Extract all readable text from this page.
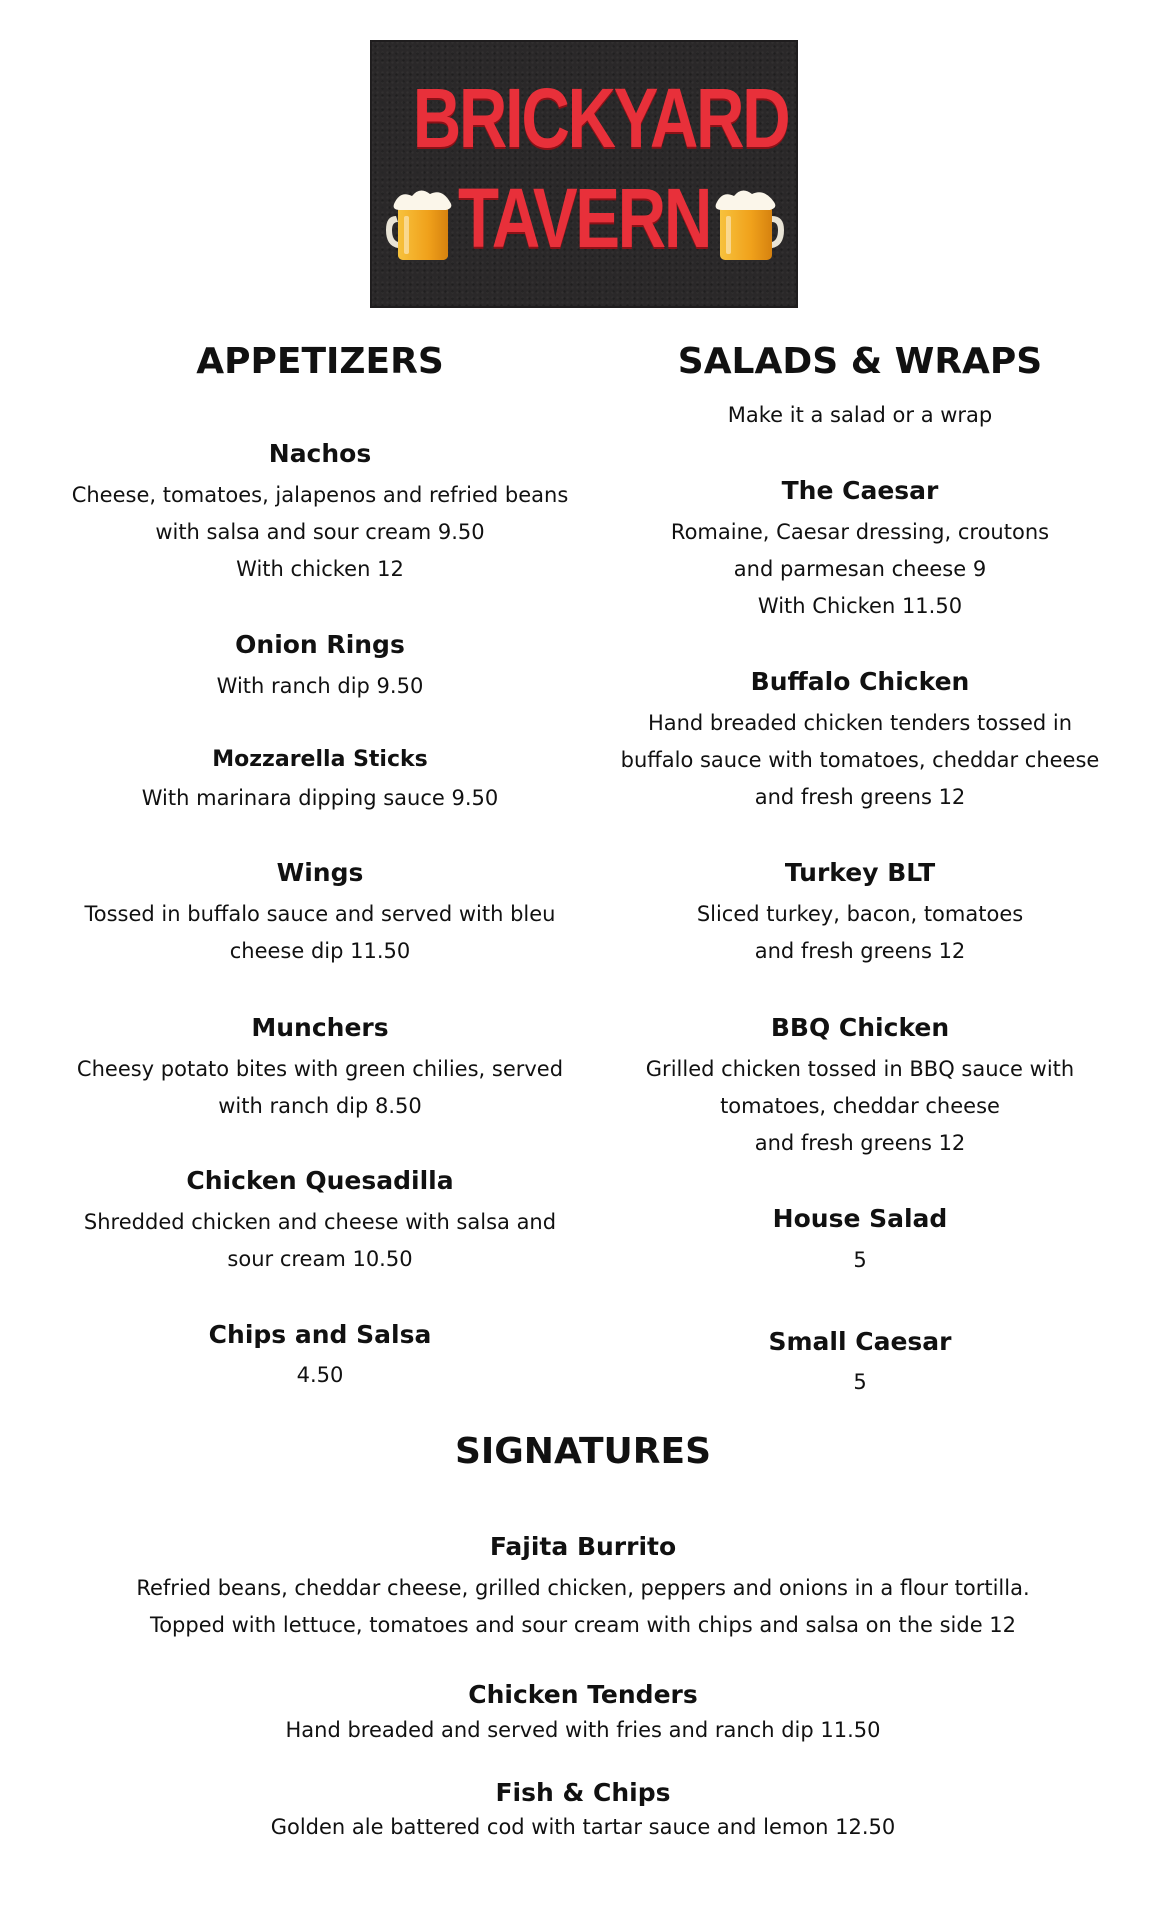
BRICKYARD
TAVERN
APPETIZERS
Nachos
Cheese, tomatoes, jalapenos and refried beans
with salsa and sour cream 9.50
With chicken 12
Onion Rings
With ranch dip 9.50
Mozzarella Sticks
With marinara dipping sauce 9.50
Wings
Tossed in buffalo sauce and served with bleu
cheese dip 11.50
Munchers
Cheesy potato bites with green chilies, served
with ranch dip 8.50
Chicken Quesadilla
Shredded chicken and cheese with salsa and
sour cream 10.50
Chips and Salsa
4.50
SALADS & WRAPS
Make it a salad or a wrap
The Caesar
Romaine, Caesar dressing, croutons
and parmesan cheese 9
With Chicken 11.50
Buffalo Chicken
Hand breaded chicken tenders tossed in
buffalo sauce with tomatoes, cheddar cheese
and fresh greens 12
Turkey BLT
Sliced turkey, bacon, tomatoes
and fresh greens 12
BBQ Chicken
Grilled chicken tossed in BBQ sauce with
tomatoes, cheddar cheese
and fresh greens 12
House Salad
5
Small Caesar
5
SIGNATURES
Fajita Burrito
Refried beans, cheddar cheese, grilled chicken, peppers and onions in a flour tortilla.
Topped with lettuce, tomatoes and sour cream with chips and salsa on the side 12
Chicken Tenders
Hand breaded and served with fries and ranch dip 11.50
Fish & Chips
Golden ale battered cod with tartar sauce and lemon 12.50
